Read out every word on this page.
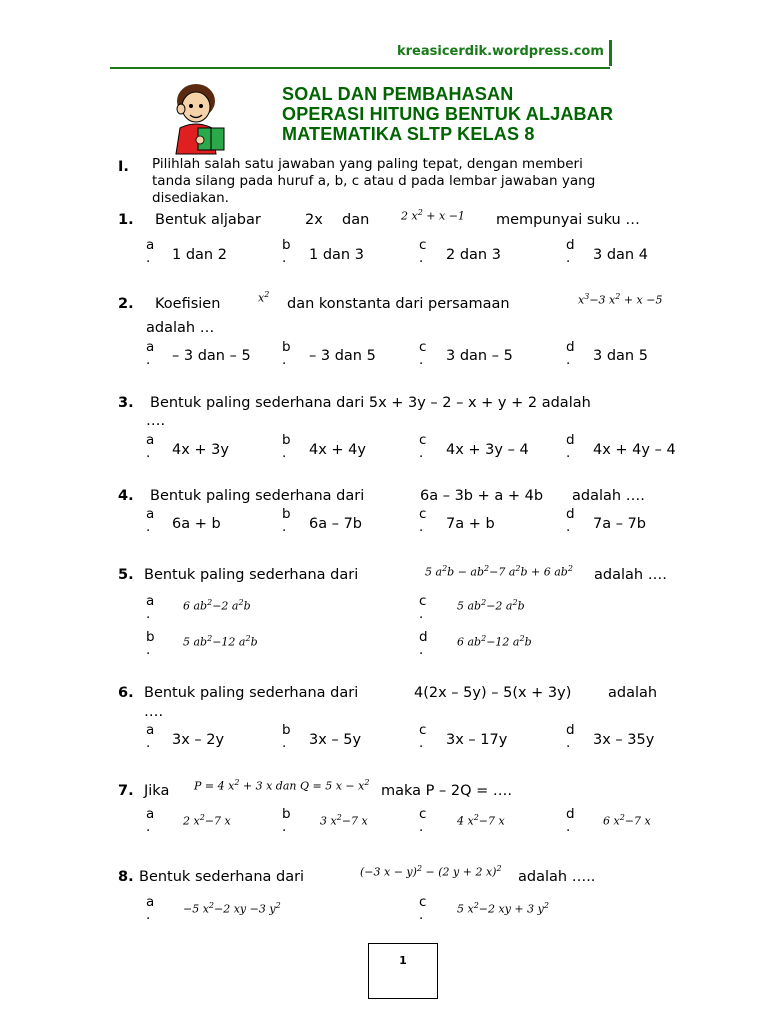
kreasicerdik.wordpress.com
SOAL DAN PEMBAHASAN
OPERASI HITUNG BENTUK ALJABAR
MATEMATIKA SLTP KELAS 8
I. Pilihlah salah satu jawaban yang paling tepat, dengan memberi
tanda silang pada huruf a, b, c atau d pada lembar jawaban yang
disediakan.
1. Bentuk aljabar	2x dan	2 $x^2 + x -1$ mempunyai suku …
a
. 1 dan 2
b
. 1 dan 3
c
. 2 dan 3
d
. 3 dan 4
2. Koefisien	$x^2$
dan konstanta dari persamaan	$x^3-3$ $x^2 + x -5$
adalah …
a
. – 3 dan – 5
b
. – 3 dan 5
c
. 3 dan – 5
d
. 3 dan 5
3. Bentuk paling sederhana dari 5x + 3y – 2 – x + y + 2 adalah
….
a
. 4x + 3y
b
. 4x + 4y
c
. 4x + 3y – 4
d
. 4x + 4y – 4
4. Bentuk paling sederhana dari	6a – 3b + a + 4b adalah ….
a
. 6a + b
b
. 6a – 7b
c
. 7a + b
d
. 7a – 7b
5. Bentuk paling sederhana dari	5 $a^2b - ab^2-7$ $a^2b + 6$ $ab^2$ adalah ….
a
.	6 $ab^2-2$ $a^2b$	c
.	5 $ab^2-2$ $a^2b$
b
.	5 $ab^2-12$ $a^2b$	d
.	6 $ab^2-12$ $a^2b$
6. Bentuk paling sederhana dari	4(2x – 5y) – 5(x + 3y)	adalah
….
a
. 3x – 2y
b
. 3x – 5y
c
. 3x – 17y
d
. 3x – 35y
7. Jika P = 4 $x^2 + 3$ x dan Q = 5 $x - x^2$
maka P – 2Q = ….
a
.	2 $x^2-7$ x	b
.	3 $x^2-7$ x	c
.	4 $x^2-7$ x	d
.	6 $x^2-7$ x
8. Bentuk sederhana dari	(−3 x − y)$^2$ − (2 y + 2 x)$^2$
adalah …..
a
.	−5 $x^2-2$ xy −3 $y^2$	c
.	5 $x^2-2$ xy + 3 $y^2$
1
